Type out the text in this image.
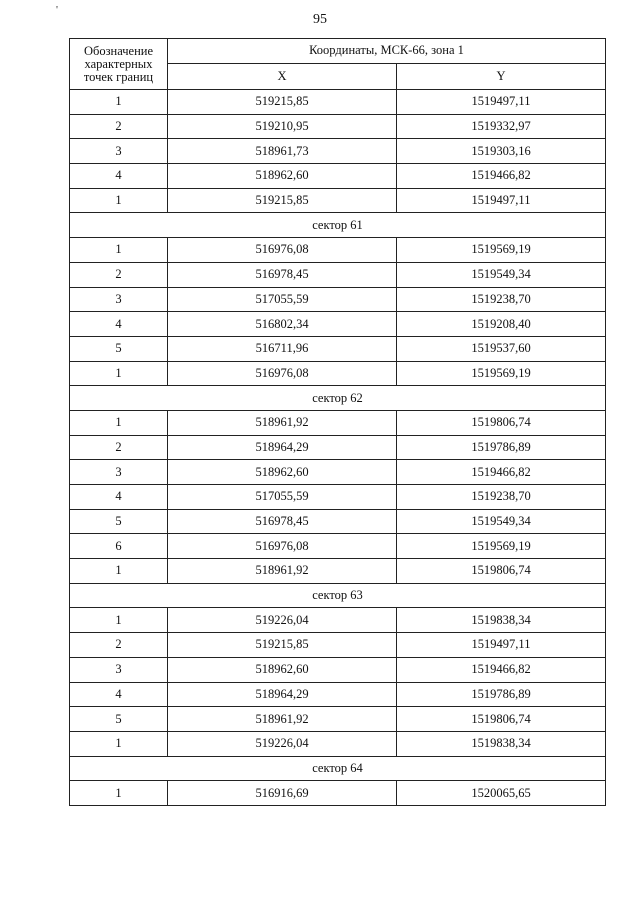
'
95
Обозначение
характерных
точек границ	Координаты, МСК-66, зона 1	
	X	Y
1	519215,85	1519497,11
2	519210,95	1519332,97
3	518961,73	1519303,16
4	518962,60	1519466,82
1	519215,85	1519497,11
сектор 61		
1	516976,08	1519569,19
2	516978,45	1519549,34
3	517055,59	1519238,70
4	516802,34	1519208,40
5	516711,96	1519537,60
1	516976,08	1519569,19
сектор 62		
1	518961,92	1519806,74
2	518964,29	1519786,89
3	518962,60	1519466,82
4	517055,59	1519238,70
5	516978,45	1519549,34
6	516976,08	1519569,19
1	518961,92	1519806,74
сектор 63		
1	519226,04	1519838,34
2	519215,85	1519497,11
3	518962,60	1519466,82
4	518964,29	1519786,89
5	518961,92	1519806,74
1	519226,04	1519838,34
сектор 64		
1	516916,69	1520065,65
